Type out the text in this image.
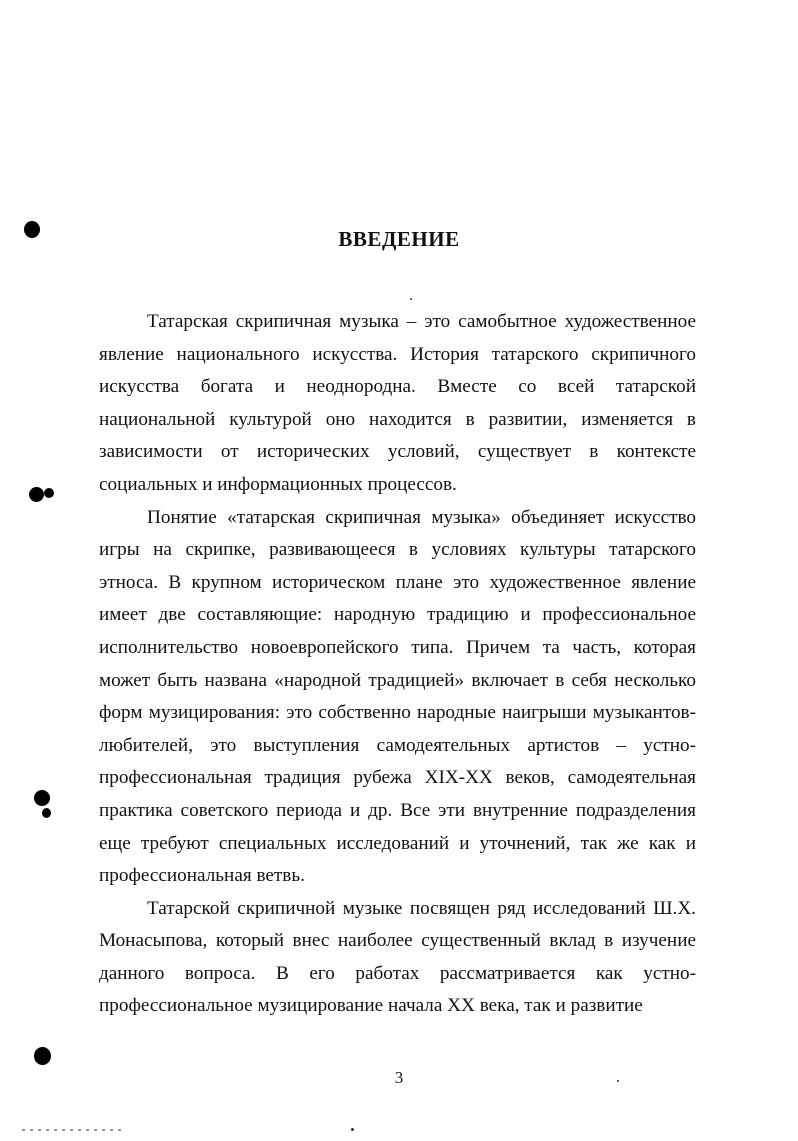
ВВЕДЕНИЕ

Татарская скрипичная музыка – это самобытное художественное явление национального искусства. История татарского скрипичного искусства богата и неоднородна. Вместе со всей татарской национальной культурой оно находится в развитии, изменяется в зависимости от исторических условий, существует в контексте социальных и информационных процессов.

Понятие «татарская скрипичная музыка» объединяет искусство игры на скрипке, развивающееся в условиях культуры татарского этноса. В крупном историческом плане это художественное явление имеет две составляющие: народную традицию и профессиональное исполнительство новоевропейского типа. Причем та часть, которая может быть названа «народной традицией» включает в себя несколько форм музицирования: это собственно народные наигрыши музыкантов-любителей, это выступления самодеятельных артистов – устно-профессиональная традиция рубежа XIX-XX веков, самодеятельная практика советского периода и др. Все эти внутренние подразделения еще требуют специальных исследований и уточнений, так же как и профессиональная ветвь.

Татарской скрипичной музыке посвящен ряд исследований Ш.Х. Монасыпова, который внес наиболее существенный вклад в изучение данного вопроса. В его работах рассматривается как устно-профессиональное музицирование начала XX века, так и развитие

3
